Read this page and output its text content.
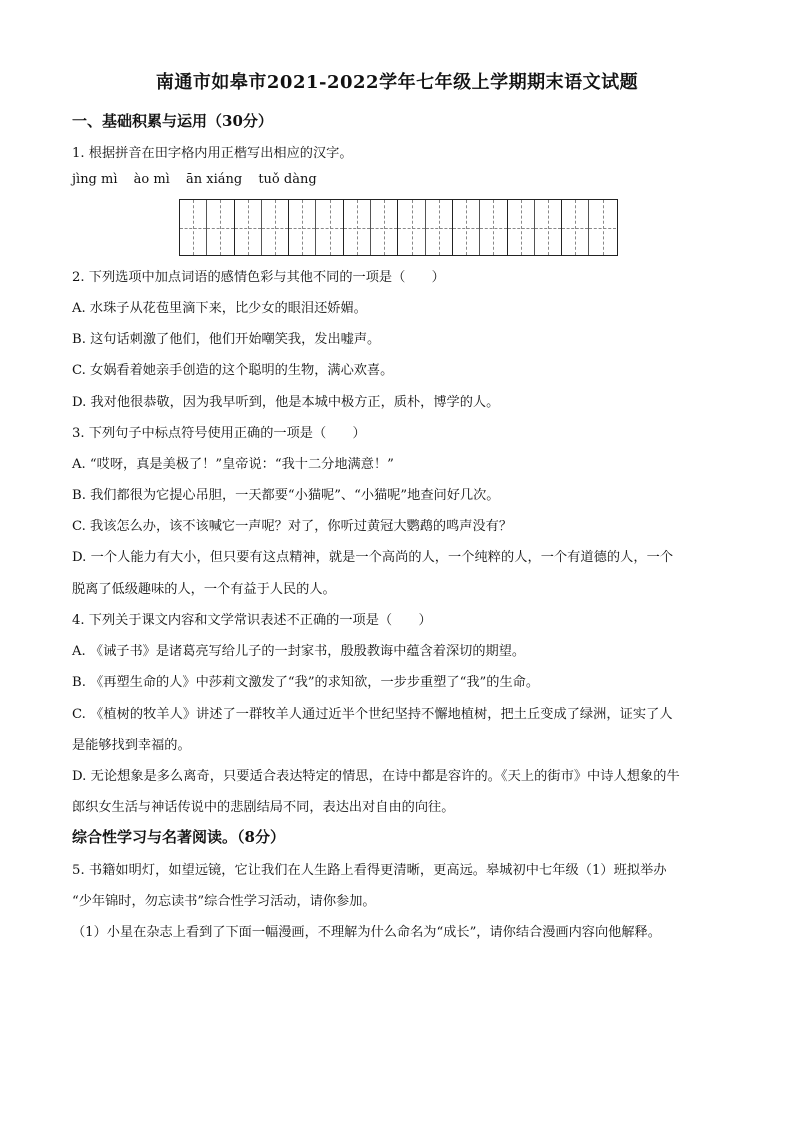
南通市如皋市2021-2022学年七年级上学期期末语文试题
一、基础积累与运用（30分）
1. 根据拼音在田字格内用正楷写出相应的汉字。
jìng mì ào mì ān xiáng tuǒ dàng
2. 下列选项中加点词语的感情色彩与其他不同的一项是（　　）
A. 水珠子从花苞里滴下来，比少女的眼泪还娇媚。
B. 这句话刺激了他们，他们开始嘲笑我，发出嘘声。
C. 女娲看着她亲手创造的这个聪明的生物，满心欢喜。
D. 我对他很恭敬，因为我早听到，他是本城中极方正，质朴，博学的人。
3. 下列句子中标点符号使用正确的一项是（　　）
A. “哎呀，真是美极了！”皇帝说：“我十二分地满意！”
B. 我们都很为它提心吊胆，一天都要“小猫呢”、“小猫呢”地查问好几次。
C. 我该怎么办，该不该喊它一声呢？对了，你听过黄冠大鹦鹉的鸣声没有？
D. 一个人能力有大小，但只要有这点精神，就是一个高尚的人，一个纯粹的人，一个有道德的人，一个
脱离了低级趣味的人，一个有益于人民的人。
4. 下列关于课文内容和文学常识表述不正确的一项是（　　）
A. 《诫子书》是诸葛亮写给儿子的一封家书，殷殷教诲中蕴含着深切的期望。
B. 《再塑生命的人》中莎莉文激发了“我”的求知欲，一步步重塑了“我”的生命。
C. 《植树的牧羊人》讲述了一群牧羊人通过近半个世纪坚持不懈地植树，把土丘变成了绿洲，证实了人
是能够找到幸福的。
D. 无论想象是多么离奇，只要适合表达特定的情思，在诗中都是容许的。《天上的街市》中诗人想象的牛
郎织女生活与神话传说中的悲剧结局不同，表达出对自由的向往。
综合性学习与名著阅读。（8分）
5. 书籍如明灯，如望远镜，它让我们在人生路上看得更清晰，更高远。皋城初中七年级（1）班拟举办
“少年锦时，勿忘读书”综合性学习活动，请你参加。
（1）小星在杂志上看到了下面一幅漫画，不理解为什么命名为“成长”，请你结合漫画内容向他解释。
